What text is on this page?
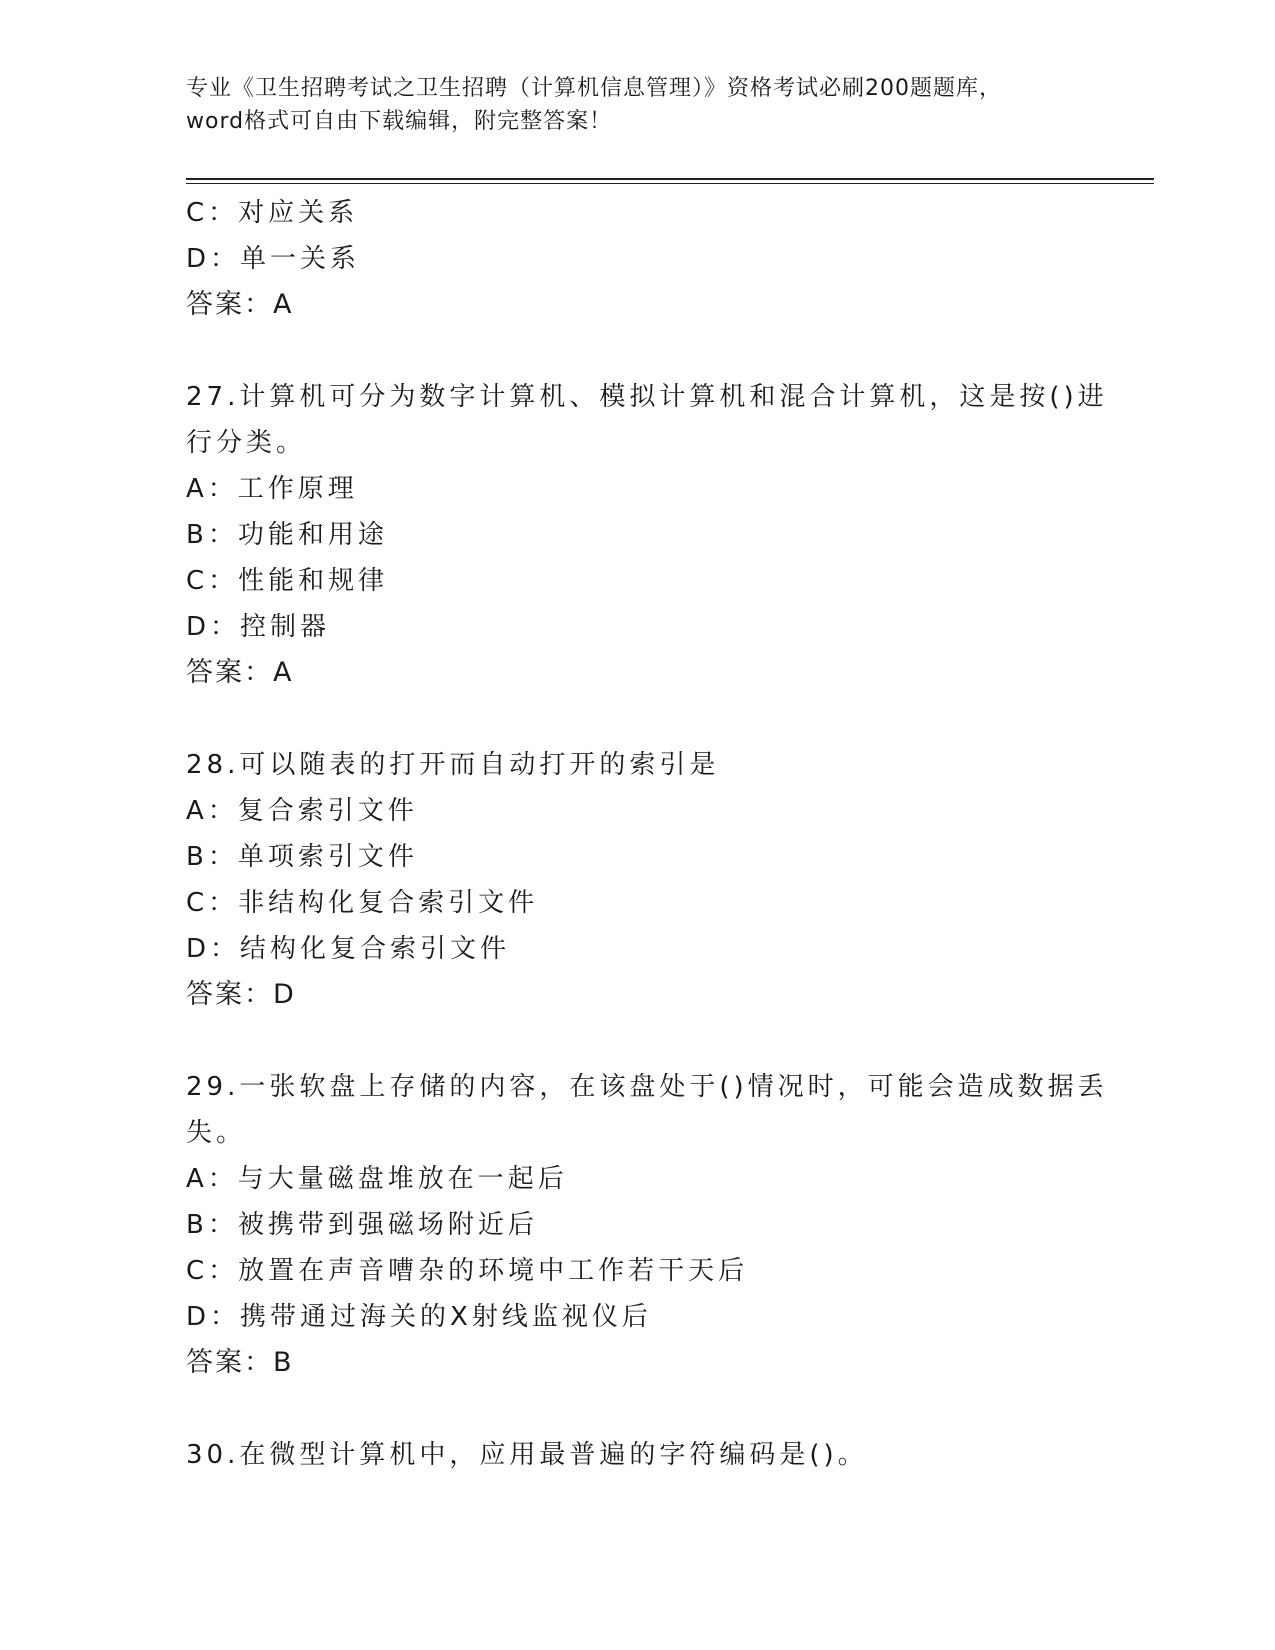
专业《卫生招聘考试之卫生招聘（计算机信息管理）》资格考试必刷200题题库，
word格式可自由下载编辑，附完整答案！
C：对应关系
D：单一关系
答案：A
27.计算机可分为数字计算机、模拟计算机和混合计算机，这是按()进
行分类。
A：工作原理
B：功能和用途
C：性能和规律
D：控制器
答案：A
28.可以随表的打开而自动打开的索引是
A：复合索引文件
B：单项索引文件
C：非结构化复合索引文件
D：结构化复合索引文件
答案：D
29.一张软盘上存储的内容，在该盘处于()情况时，可能会造成数据丢
失。
A：与大量磁盘堆放在一起后
B：被携带到强磁场附近后
C：放置在声音嘈杂的环境中工作若干天后
D：携带通过海关的X射线监视仪后
答案：B
30.在微型计算机中，应用最普遍的字符编码是()。
